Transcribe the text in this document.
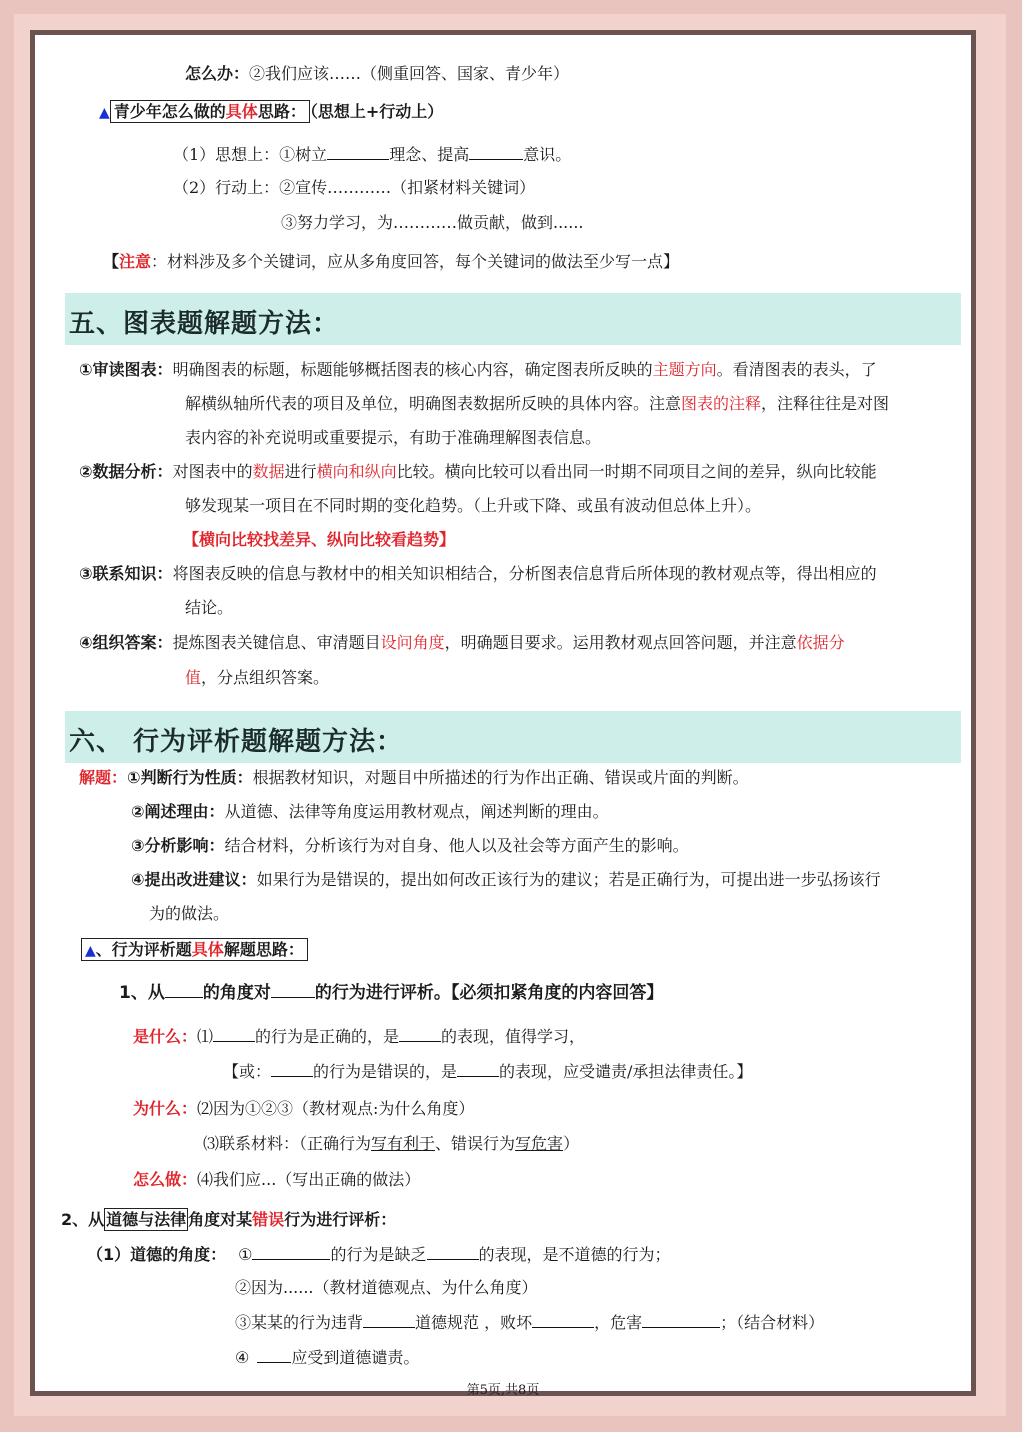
怎么办：②我们应该……（侧重回答、国家、青少年）
▲ 青少年怎么做的具体思路： （思想上+行动上）
（1）思想上：①树立	理念、提高	意识。
（2）行动上：②宣传…………（扣紧材料关键词）
③努力学习，为…………做贡献，做到......
【注意：材料涉及多个关键词，应从多角度回答，每个关键词的做法至少写一点】
五、图表题解题方法：
①审读图表：明确图表的标题，标题能够概括图表的核心内容，确定图表所反映的主题方向。看清图表的表头，了
解横纵轴所代表的项目及单位，明确图表数据所反映的具体内容。注意图表的注释，注释往往是对图
表内容的补充说明或重要提示，有助于准确理解图表信息。
②数据分析：对图表中的数据进行横向和纵向比较。横向比较可以看出同一时期不同项目之间的差异，纵向比较能
够发现某一项目在不同时期的变化趋势。（上升或下降、或虽有波动但总体上升）。
【横向比较找差异、纵向比较看趋势】
③联系知识：将图表反映的信息与教材中的相关知识相结合，分析图表信息背后所体现的教材观点等，得出相应的
结论。
④组织答案：提炼图表关键信息、审清题目设问角度，明确题目要求。运用教材观点回答问题，并注意依据分
值，分点组织答案。
六、 行为评析题解题方法：
解题：①判断行为性质：根据教材知识，对题目中所描述的行为作出正确、错误或片面的判断。
②阐述理由：从道德、法律等角度运用教材观点，阐述判断的理由。
③分析影响：结合材料，分析该行为对自身、他人以及社会等方面产生的影响。
④提出改进建议：如果行为是错误的，提出如何改正该行为的建议；若是正确行为，可提出进一步弘扬该行
为的做法。
▲、行为评析题具体解题思路：
1、从 的角度对	的行为进行评析。【必须扣紧角度的内容回答】
是什么：⑴	的行为是正确的，是	的表现，值得学习，
【或：	的行为是错误的，是	的表现，应受谴责/承担法律责任。】
为什么：⑵因为①②③（教材观点:为什么角度）
⑶联系材料：（正确行为写有利于、错误行为写危害）
怎么做：⑷我们应...（写出正确的做法）
2、从 道德与法律 角度对某错误行为进行评析：
（1）道德的角度： ①	的行为是缺乏	的表现，是不道德的行为；
②因为......（教材道德观点、为什么角度）
③某某的行为违背	道德规范 ，败坏	，危害	；（结合材料）
④	应受到道德谴责。
第5页,共8页
